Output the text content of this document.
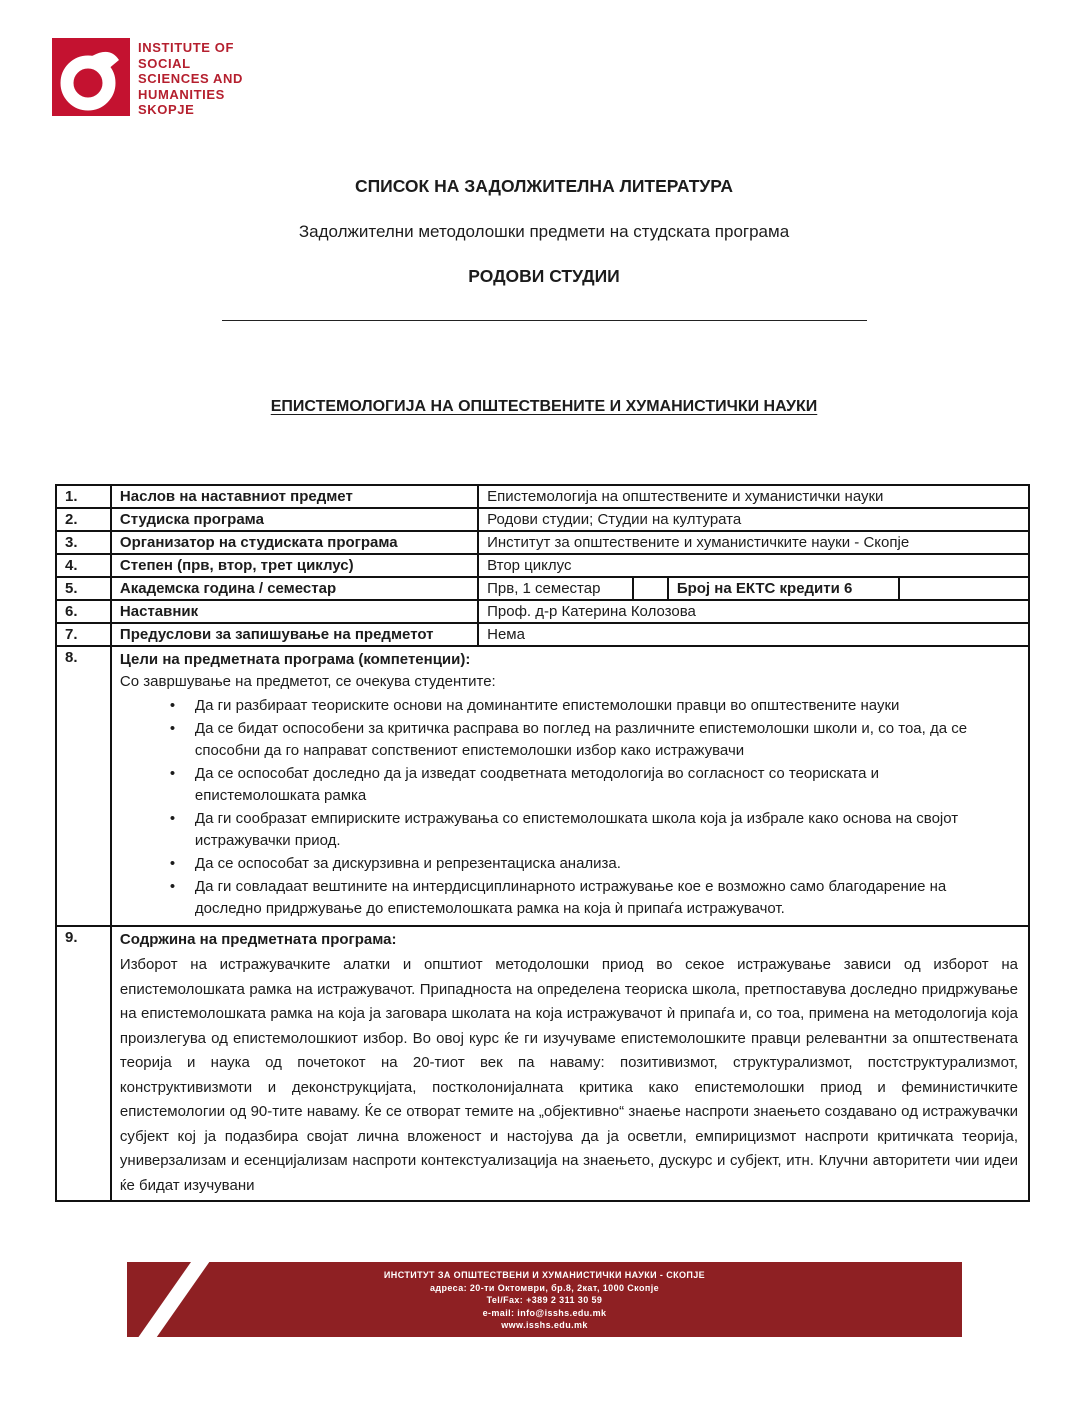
INSTITUTE OF
SOCIAL
SCIENCES AND
HUMANITIES
SKOPJE
СПИСОК НА ЗАДОЛЖИТЕЛНА ЛИТЕРАТУРА
Задолжителни методолошки предмети на студската програма
РОДОВИ СТУДИИ
ЕПИСТЕМОЛОГИЈА НА ОПШТЕСТВЕНИТЕ И ХУМАНИСТИЧКИ НАУКИ
1.	Наслов на наставниот предмет	Епистемологија на општествените и хуманистички науки			
2.	Студиска програма	Родови студии; Студии на културата			
3.	Организатор на студиската програма	Институт за општествените и хуманистичките науки - Скопје			
4.	Степен (прв, втор, трет циклус)	Втор циклус			
5.	Академска година / семестар	Прв, 1 семестар		Број на ЕКТС кредити 6	
6.	Наставник	Проф. д-р Катерина Колозова			
7.	Предуслови за запишување на предметот	Нема			
8.	Цели на предметната програма (компетенции):
Со завршување на предметот, се очекува студентите:
• Да ги разбираат теориските основи на доминантите епистемолошки правци во општествените науки
• Да се бидат оспособени за критичка расправа во поглед на различните епистемолошки школи и, со тоа, да се способни да го направат сопствениот епистемолошки избор како истражувачи
• Да се оспособат доследно да ја изведат соодветната методологија во согласност со теориската и епистемолошката рамка
• Да ги сообразат емпириските истражувања со епистемолошката школа која ја избрале како основа на својот истражувачки приод.
• Да се оспособат за дискурзивна и репрезентациска анализа.
• Да ги совладаат вештините на интердисциплинарното истражување кое е возможно само благодарение на доследно придржување до епистемолошката рамка на која ѝ припаѓа истражувачот.

9.	Содржина на предметната програма:
Изборот на истражувачките алатки и општиот методолошки приод во секое истражување зависи од изборот на епистемолошката рамка на истражувачот. Припадноста на определена теориска школа, претпоставува доследно придржување на епистемолошката рамка на која ја заговара школата на која истражувачот ѝ припаѓа и, со тоа, примена на методологија која произлегува од епистемолошкиот избор. Во овој курс ќе ги изучуваме епистемолошките правци релевантни за општествената теорија и наука од почетокот на 20-тиот век па наваму: позитивизмот, структурализмот, постструктурализмот, конструктивизмоти и деконструкцијата, постколонијалната критика како епистемолошки приод и феминистичките епистемологии од 90-тите наваму. Ќе се отворат темите на „објективно“ знаење наспроти знаењето создавано од истражувачки субјект кој ја подазбира својат лична вложеност и настојува да ја осветли, емпирицизмот наспроти критичката теорија, универзализам и есенцијализам наспроти контекстуализација на знаењето, дускурс и субјект, итн. Клучни авторитети чии идеи ќе бидат изучувани				
ИНСТИТУТ ЗА ОПШТЕСТВЕНИ И ХУМАНИСТИЧКИ НАУКИ - СКОПЈЕ
адреса: 20-ти Октомври, бр.8, 2кат, 1000 Скопје
Tel/Fax: +389 2 311 30 59
e-mail: info@isshs.edu.mk
www.isshs.edu.mk
